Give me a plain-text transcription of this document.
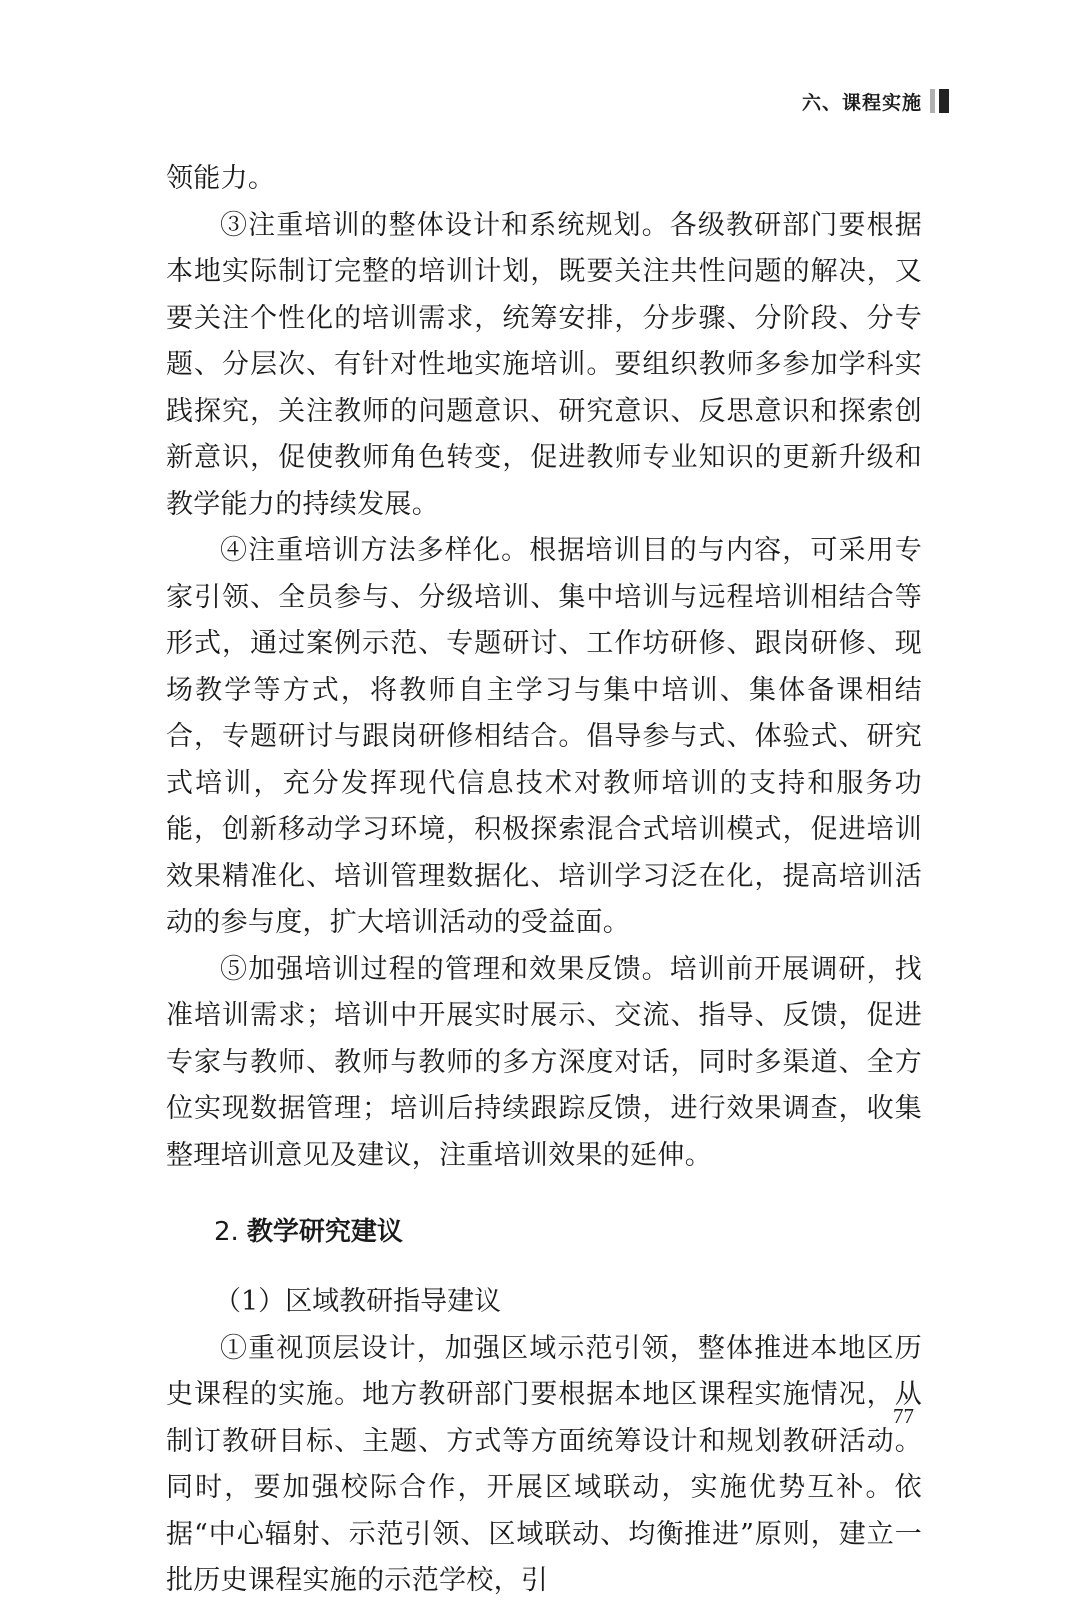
六、课程实施

领能力。

③注重培训的整体设计和系统规划。各级教研部门要根据本地实际制订完整的培训计划，既要关注共性问题的解决，又要关注个性化的培训需求，统筹安排，分步骤、分阶段、分专题、分层次、有针对性地实施培训。要组织教师多参加学科实践探究，关注教师的问题意识、研究意识、反思意识和探索创新意识，促使教师角色转变，促进教师专业知识的更新升级和教学能力的持续发展。

④注重培训方法多样化。根据培训目的与内容，可采用专家引领、全员参与、分级培训、集中培训与远程培训相结合等形式，通过案例示范、专题研讨、工作坊研修、跟岗研修、现场教学等方式，将教师自主学习与集中培训、集体备课相结合，专题研讨与跟岗研修相结合。倡导参与式、体验式、研究式培训，充分发挥现代信息技术对教师培训的支持和服务功能，创新移动学习环境，积极探索混合式培训模式，促进培训效果精准化、培训管理数据化、培训学习泛在化，提高培训活动的参与度，扩大培训活动的受益面。

⑤加强培训过程的管理和效果反馈。培训前开展调研，找准培训需求；培训中开展实时展示、交流、指导、反馈，促进专家与教师、教师与教师的多方深度对话，同时多渠道、全方位实现数据管理；培训后持续跟踪反馈，进行效果调查，收集整理培训意见及建议，注重培训效果的延伸。

2. 教学研究建议

（1）区域教研指导建议

①重视顶层设计，加强区域示范引领，整体推进本地区历史课程的实施。地方教研部门要根据本地区课程实施情况，从制订教研目标、主题、方式等方面统筹设计和规划教研活动。同时，要加强校际合作，开展区域联动，实施优势互补。依据“中心辐射、示范引领、区域联动、均衡推进”原则，建立一批历史课程实施的示范学校，引

77
